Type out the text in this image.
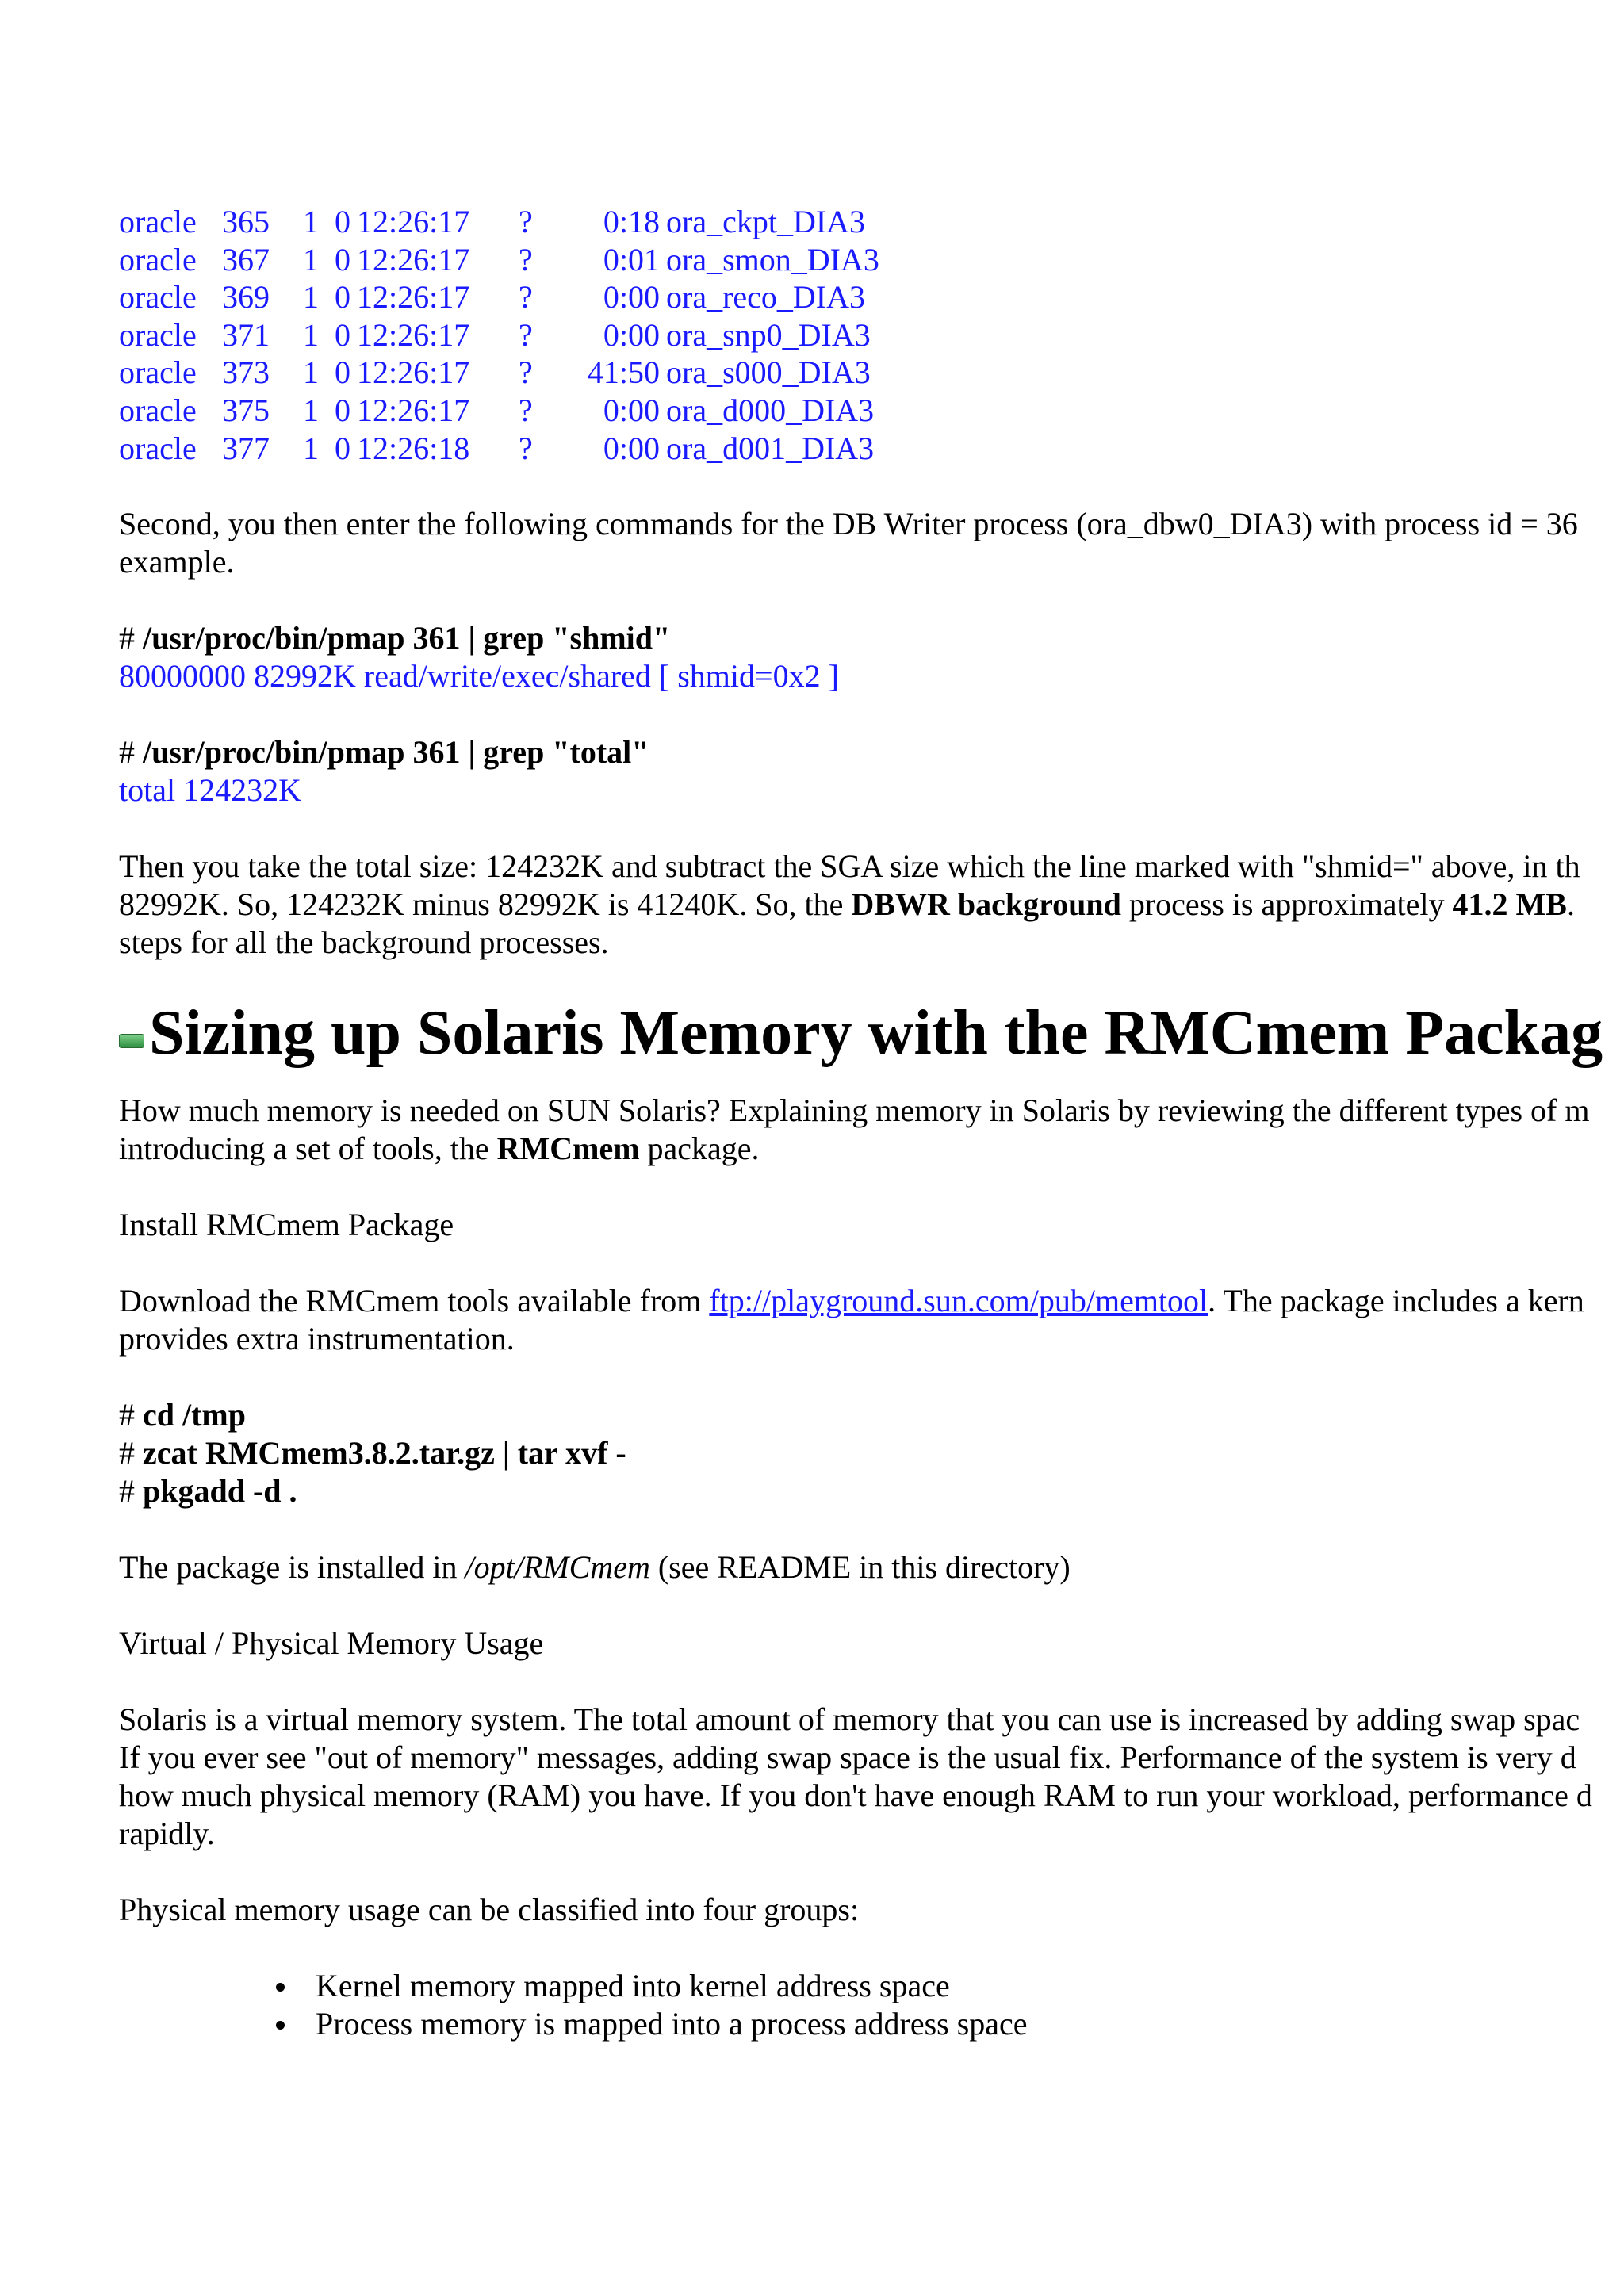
oracle 365	1 0 12:26:17	?	0:18 ora_ckpt_DIA3
oracle 367	1 0 12:26:17	?	0:01 ora_smon_DIA3
oracle 369	1 0 12:26:17	?	0:00 ora_reco_DIA3
oracle 371	1 0 12:26:17	?	0:00 ora_snp0_DIA3
oracle 373	1 0 12:26:17	?	41:50 ora_s000_DIA3
oracle 375	1 0 12:26:17	?	0:00 ora_d000_DIA3
oracle 377	1 0 12:26:18	?	0:00 ora_d001_DIA3

Second, you then enter the following commands for the DB Writer process (ora_dbw0_DIA3) with process id = 36

example.

# /usr/proc/bin/pmap 361 | grep "shmid"

80000000 82992K read/write/exec/shared [ shmid=0x2 ]

# /usr/proc/bin/pmap 361 | grep "total"

total 124232K

Then you take the total size: 124232K and subtract the SGA size which the line marked with "shmid=" above, in th

82992K. So, 124232K minus 82992K is 41240K. So, the DBWR background process is approximately 41.2 MB.

steps for all the background processes.

Sizing up Solaris Memory with the RMCmem Packag

How much memory is needed on SUN Solaris? Explaining memory in Solaris by reviewing the different types of m

introducing a set of tools, the RMCmem package.

Install RMCmem Package

Download the RMCmem tools available from ftp://playground.sun.com/pub/memtool. The package includes a kern

provides extra instrumentation.

# cd /tmp

# zcat RMCmem3.8.2.tar.gz | tar xvf -

# pkgadd -d .

The package is installed in /opt/RMCmem (see README in this directory)

Virtual / Physical Memory Usage

Solaris is a virtual memory system. The total amount of memory that you can use is increased by adding swap spac

If you ever see "out of memory" messages, adding swap space is the usual fix. Performance of the system is very d

how much physical memory (RAM) you have. If you don't have enough RAM to run your workload, performance d

rapidly.

Physical memory usage can be classified into four groups:

Kernel memory mapped into kernel address space
Process memory is mapped into a process address space
